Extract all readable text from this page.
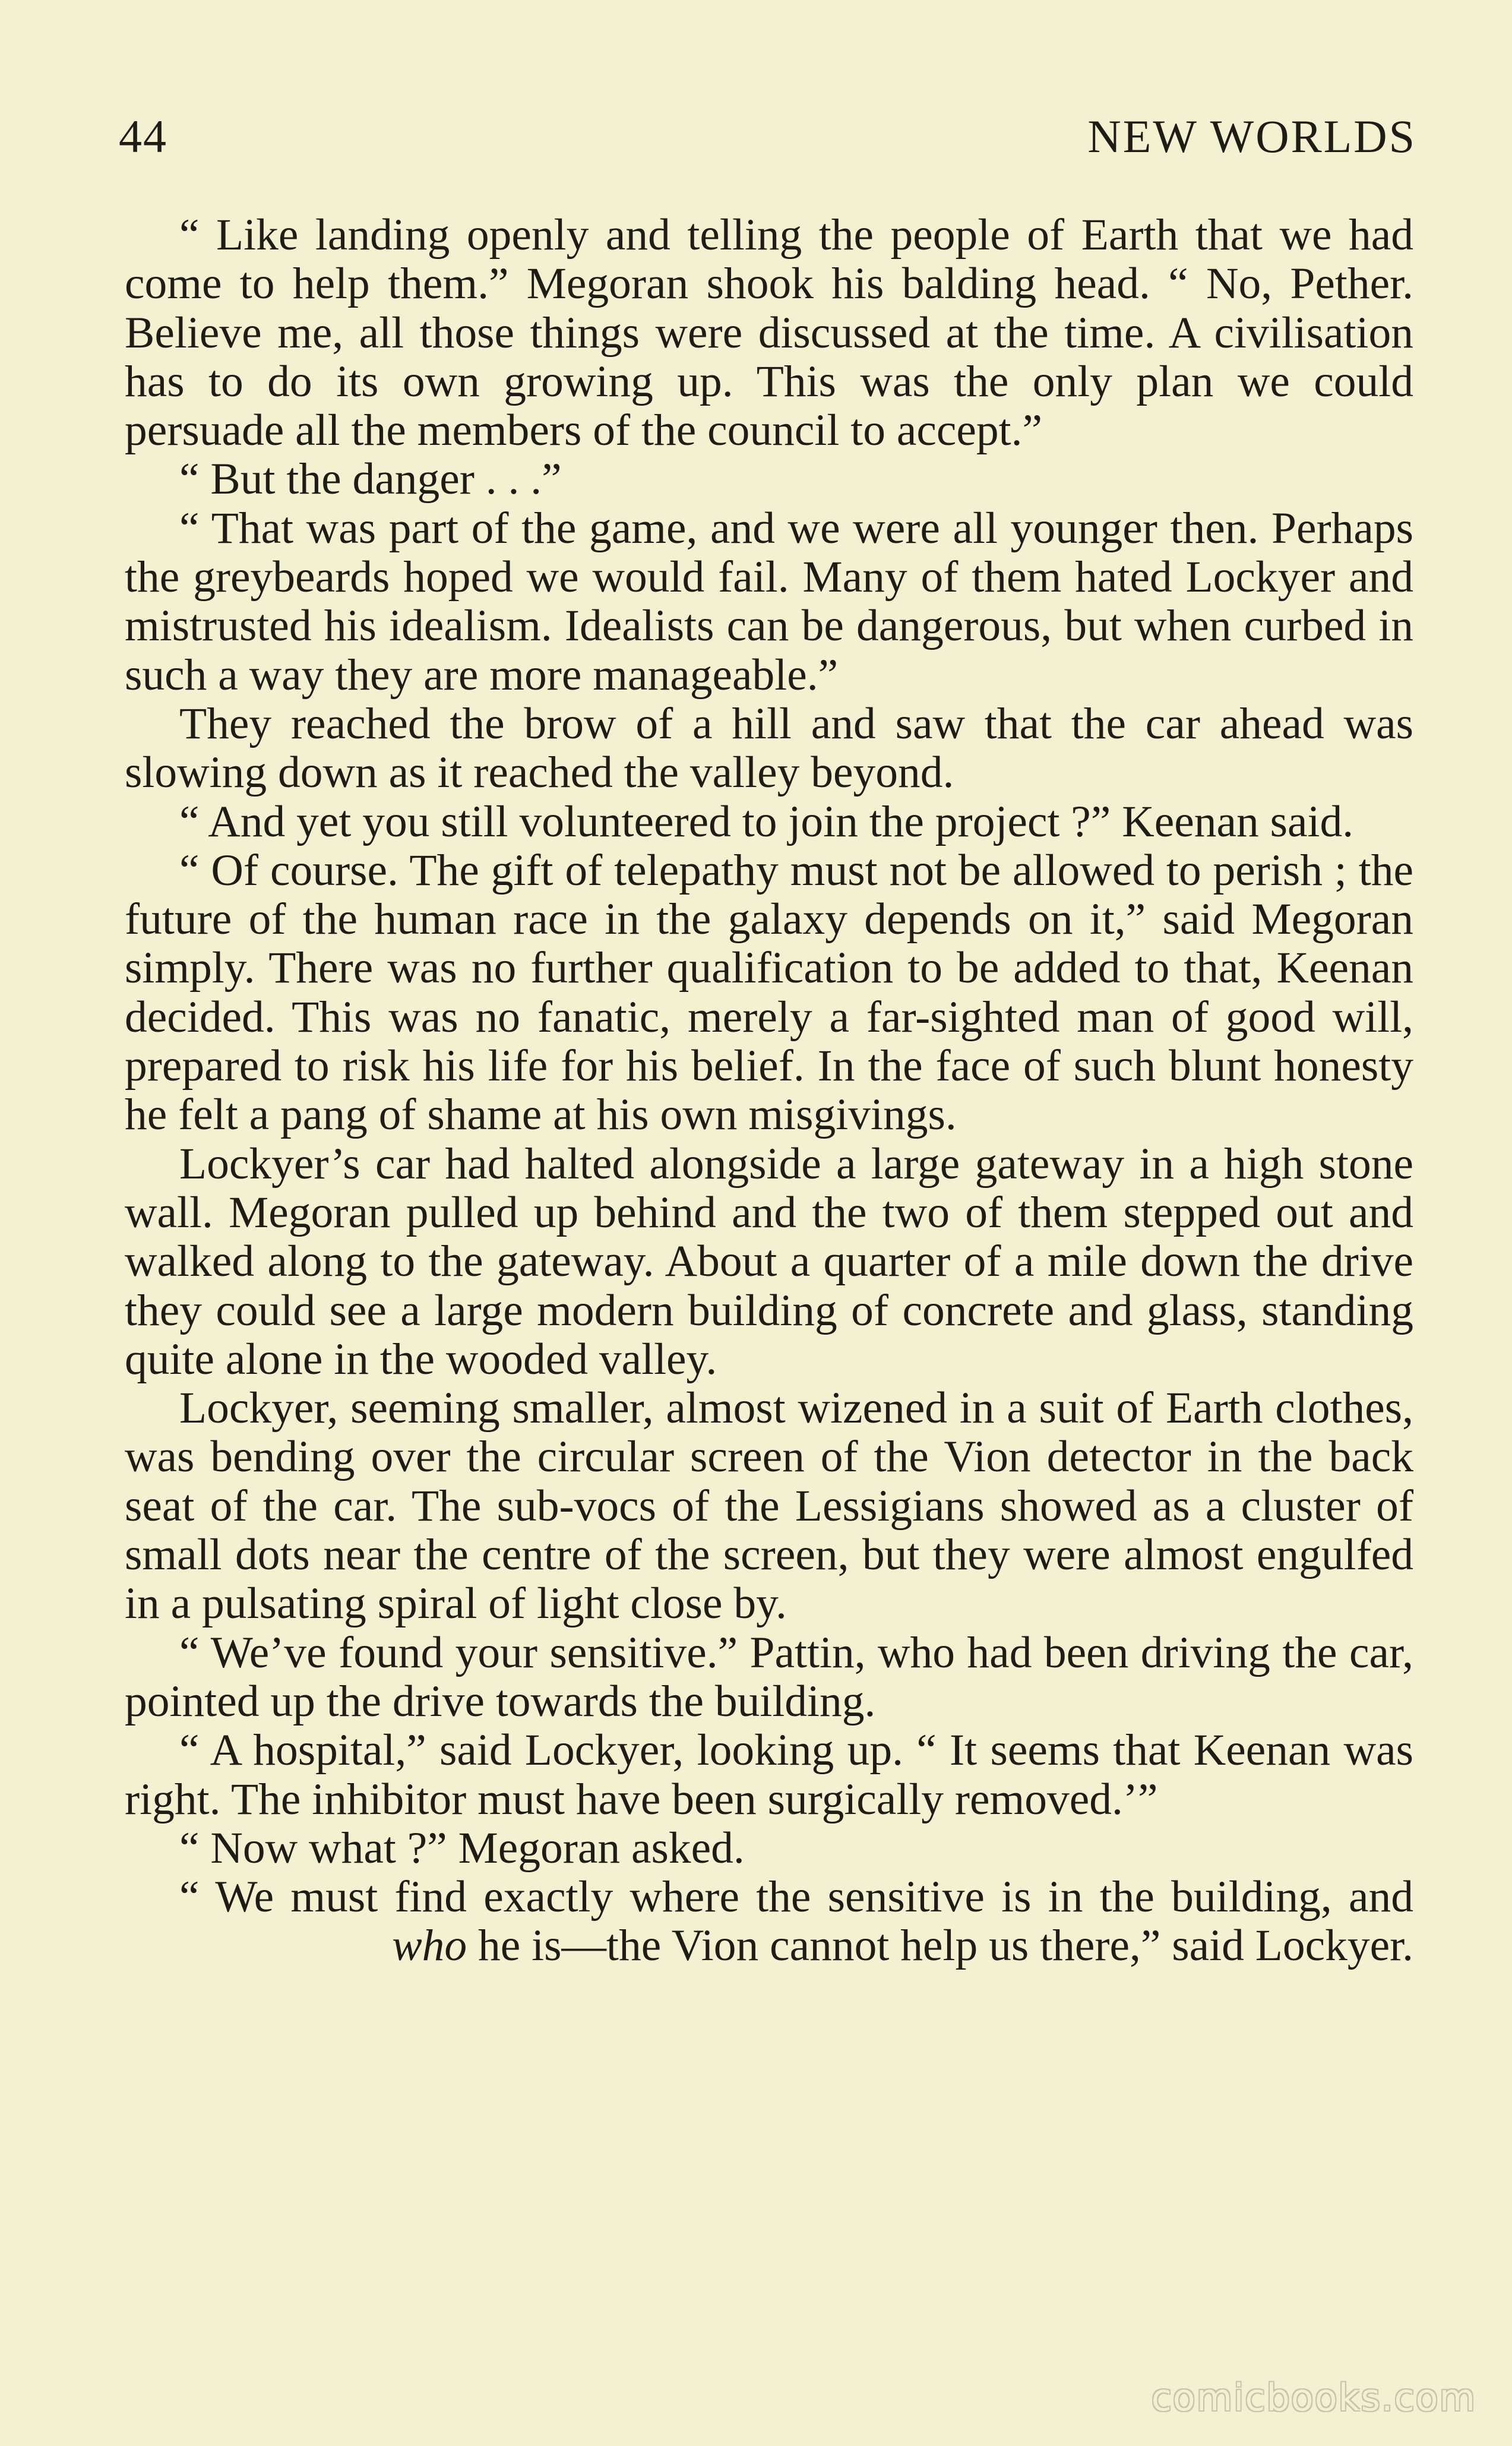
44	NEW WORLDS

“ Like landing openly and telling the people of Earth that we had come to help them.” Megoran shook his balding head. “ No, Pether. Believe me, all those things were discussed at the time. A civilisation has to do its own growing up. This was the only plan we could persuade all the members of the council to accept.”

“ But the danger . . .”

“ That was part of the game, and we were all younger then. Perhaps the greybeards hoped we would fail. Many of them hated Lockyer and mistrusted his idealism. Idealists can be dangerous, but when curbed in such a way they are more manageable.”

They reached the brow of a hill and saw that the car ahead was slowing down as it reached the valley beyond.

“ And yet you still volunteered to join the project ?” Keenan said.

“ Of course. The gift of telepathy must not be allowed to perish ; the future of the human race in the galaxy depends on it,” said Megoran simply. There was no further qualification to be added to that, Keenan decided. This was no fanatic, merely a far-sighted man of good will, prepared to risk his life for his belief. In the face of such blunt honesty he felt a pang of shame at his own misgivings.

Lockyer’s car had halted alongside a large gateway in a high stone wall. Megoran pulled up behind and the two of them stepped out and walked along to the gateway. About a quarter of a mile down the drive they could see a large modern building of concrete and glass, standing quite alone in the wooded valley.

Lockyer, seeming smaller, almost wizened in a suit of Earth clothes, was bending over the circular screen of the Vion detector in the back seat of the car. The sub-vocs of the Lessigians showed as a cluster of small dots near the centre of the screen, but they were almost engulfed in a pulsating spiral of light close by.

“ We’ve found your sensitive.” Pattin, who had been driving the car, pointed up the drive towards the building.

“ A hospital,” said Lockyer, looking up. “ It seems that Keenan was right. The inhibitor must have been surgically removed.’”

“ Now what ?” Megoran asked.

“ We must find exactly where the sensitive is in the building, and who he is—the Vion cannot help us there,” said Lockyer.

comicbooks.com
